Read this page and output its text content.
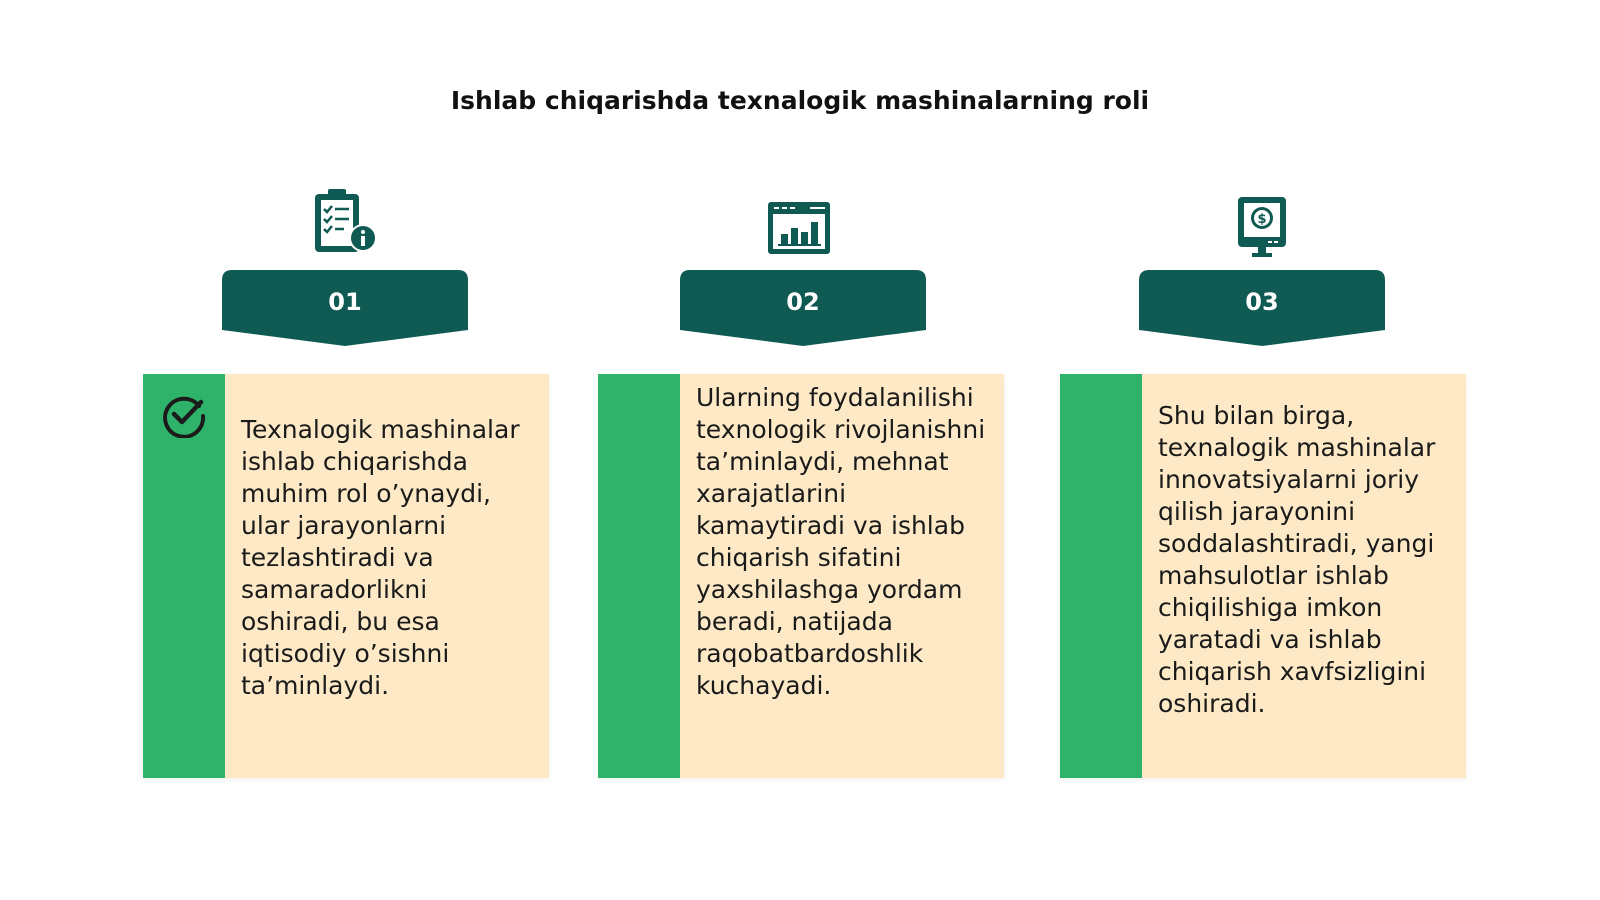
Ishlab chiqarishda texnalogik mashinalarning roli
01

Texnalogik mashinalar ishlab chiqarishda muhim rol o’ynaydi, ular jarayonlarni tezlashtiradi va samaradorlikni oshiradi, bu esa iqtisodiy o’sishni ta’minlaydi.

02

Ularning foydalanilishi texnologik rivojlanishni ta’minlaydi, mehnat xarajatlarini kamaytiradi va ishlab chiqarish sifatini yaxshilashga yordam beradi, natijada raqobatbardoshlik kuchayadi.

$
03

Shu bilan birga, texnalogik mashinalar innovatsiyalarni joriy qilish jarayonini soddalashtiradi, yangi mahsulotlar ishlab chiqilishiga imkon yaratadi va ishlab chiqarish xavfsizligini oshiradi.
